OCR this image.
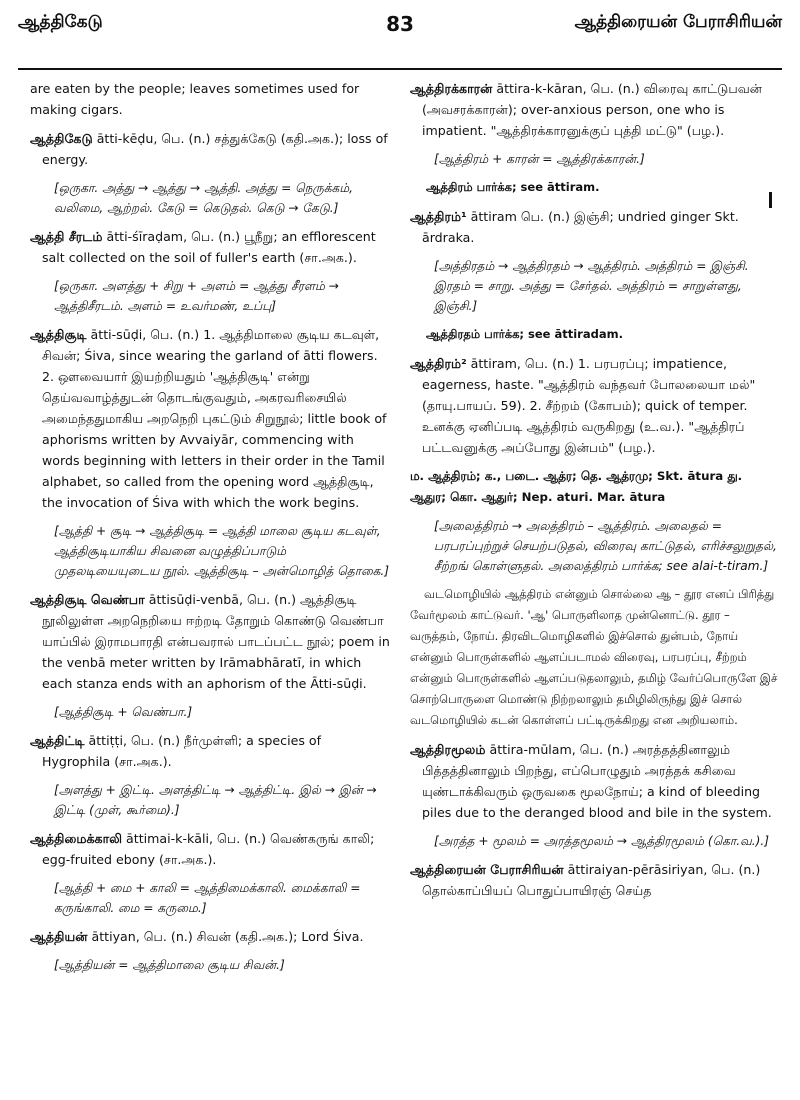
ஆத்திகேடு	83	ஆத்திரையன் பேராசிரியன்

are eaten by the people; leaves sometimes used for making cigars.

ஆத்திகேடு ātti-kēḍu, பெ. (n.) சத்துக்கேடு (கதி.அக.); loss of energy.

[ஒருகா. அத்து → ஆத்து → ஆத்தி. அத்து = நெருக்கம், வலிமை, ஆற்றல். கேடு = கெடுதல். கெடு → கேடு.]

ஆத்தி சீரடம் ātti-śīraḍam, பெ. (n.) பூநீறு; an efflorescent salt collected on the soil of fuller's earth (சா.அக.).

[ஒருகா. அளத்து + சிறு + அளம் = ஆத்து சீரளம் → ஆத்திசீரடம். அளம் = உவர்மண், உப்பு]

ஆத்திசூடி ātti-sūḍi, பெ. (n.) 1. ஆத்திமாலை சூடிய கடவுள், சிவன்; Śiva, since wearing the garland of ātti flowers. 2. ஔவையார் இயற்றியதும் 'ஆத்திசூடி' என்று தெய்வவாழ்த்துடன் தொடங்குவதும், அகரவரிசையில் அமைந்ததுமாகிய அறநெறி புகட்டும் சிறுநூல்; little book of aphorisms written by Avvaiyār, commencing with words beginning with letters in their order in the Tamil alphabet, so called from the opening word ஆத்திசூடி, the invocation of Śiva with which the work begins.

[ஆத்தி + சூடி → ஆத்திசூடி = ஆத்தி மாலை சூடிய கடவுள், ஆத்திசூடியாகிய சிவனை வழுத்திப்பாடும் முதலடியையுடைய நூல். ஆத்திசூடி – அன்மொழித் தொகை.]

ஆத்திசூடி வெண்பா āttisūḍi-venbā, பெ. (n.) ஆத்திசூடி நூலிலுள்ள அறநெறியை ஈற்றடி தோறும் கொண்டு வெண்பா யாப்பில் இராமபாரதி என்பவரால் பாடப்பட்ட நூல்; poem in the venbā meter written by Irāmabhāratī, in which each stanza ends with an aphorism of the Ātti-sūḍi.

[ஆத்திசூடி + வெண்பா.]

ஆத்திட்டி āttiṭṭi, பெ. (n.) நீர்முள்ளி; a species of Hygrophila (சா.அக.).

[அளத்து + இட்டி. அளத்திட்டி → ஆத்திட்டி. இல் → இன் → இட்டி (முள், கூர்மை).]

ஆத்திமைக்காலி āttimai-k-kāli, பெ. (n.) வெண்கருங் காலி; egg-fruited ebony (சா.அக.).

[ஆத்தி + மை + காலி = ஆத்திமைக்காலி. மைக்காலி = கருங்காலி. மை = கருமை.]

ஆத்தியன் āttiyan, பெ. (n.) சிவன் (கதி.அக.); Lord Śiva.

[ஆத்தியன் = ஆத்திமாலை சூடிய சிவன்.]

ஆத்திரக்காரன் āttira-k-kāran, பெ. (n.) விரைவு காட்டுபவன் (அவசரக்காரன்); over-anxious person, one who is impatient. "ஆத்திரக்காரனுக்குப் புத்தி மட்டு" (பழ.).

[ஆத்திரம் + காரன் = ஆத்திரக்காரன்.]

ஆத்திரம் பார்க்க; see āttiram.

ஆத்திரம்¹ āttiram பெ. (n.) இஞ்சி; undried ginger Skt. ārdraka.

[அத்திரதம் → ஆத்திரதம் → ஆத்திரம். அத்திரம் = இஞ்சி. இரதம் = சாறு. அத்து = சேர்தல். அத்திரம் = சாறுள்ளது, இஞ்சி.]

ஆத்திரதம் பார்க்க; see āttiradam.

ஆத்திரம்² āttiram, பெ. (n.) 1. பரபரப்பு; impatience, eagerness, haste. "ஆத்திரம் வந்தவர் போலலையா மல்" (தாயு.பாயப். 59). 2. சீற்றம் (கோபம்); quick of temper. உனக்கு ஏனிப்படி ஆத்திரம் வருகிறது (உ.வ.). "ஆத்திரப் பட்டவனுக்கு அப்போது இன்பம்" (பழ.).

ம. ஆத்திரம்; க., படை. ஆத்ர; தெ. ஆத்ரமு; Skt. ātura து. ஆதுர; கொ. ஆதுர்; Nep. aturi. Mar. ātura

[அலைத்திரம் → அலத்திரம் – ஆத்திரம். அலைதல் = பரபரப்புற்றுச் செயற்படுதல், விரைவு காட்டுதல், எரிச்சலுறுதல், சீற்றங் கொள்ளுதல். அலைத்திரம் பார்க்க; see alai-t-tiram.]

வடமொழியில் ஆத்திரம் என்னும் சொல்லை ஆ – தூர எனப் பிரித்து வேர்மூலம் காட்டுவர். 'ஆ' பொருளிலாத முன்னொட்டு. தூர – வருத்தம், நோய். திரவிடமொழிகளில் இச்சொல் துன்பம், நோய் என்னும் பொருள்களில் ஆளப்படாமல் விரைவு, பரபரப்பு, சீற்றம் என்னும் பொருள்களில் ஆளப்படுதலாலும், தமிழ் வேர்ப்பொருளே இச் சொற்பொருளை மொண்டு நிற்றலாலும் தமிழிலிருந்து இச் சொல் வடமொழியில் கடன் கொள்ளப் பட்டிருக்கிறது என அறியலாம்.

ஆத்திரமூலம் āttira-mūlam, பெ. (n.) அரத்தத்தினாலும் பித்தத்தினாலும் பிறந்து, எப்பொழுதும் அரத்தக் கசிவை யுண்டாக்கிவரும் ஒருவகை மூலநோய்; a kind of bleeding piles due to the deranged blood and bile in the system.

[அரத்த + மூலம் = அரத்தமூலம் → ஆத்திரமூலம் (கொ.வ.).]

ஆத்திரையன் பேராசிரியன் āttiraiyan-pērāsiriyan, பெ. (n.) தொல்காப்பியப் பொதுப்பாயிரஞ் செய்த
